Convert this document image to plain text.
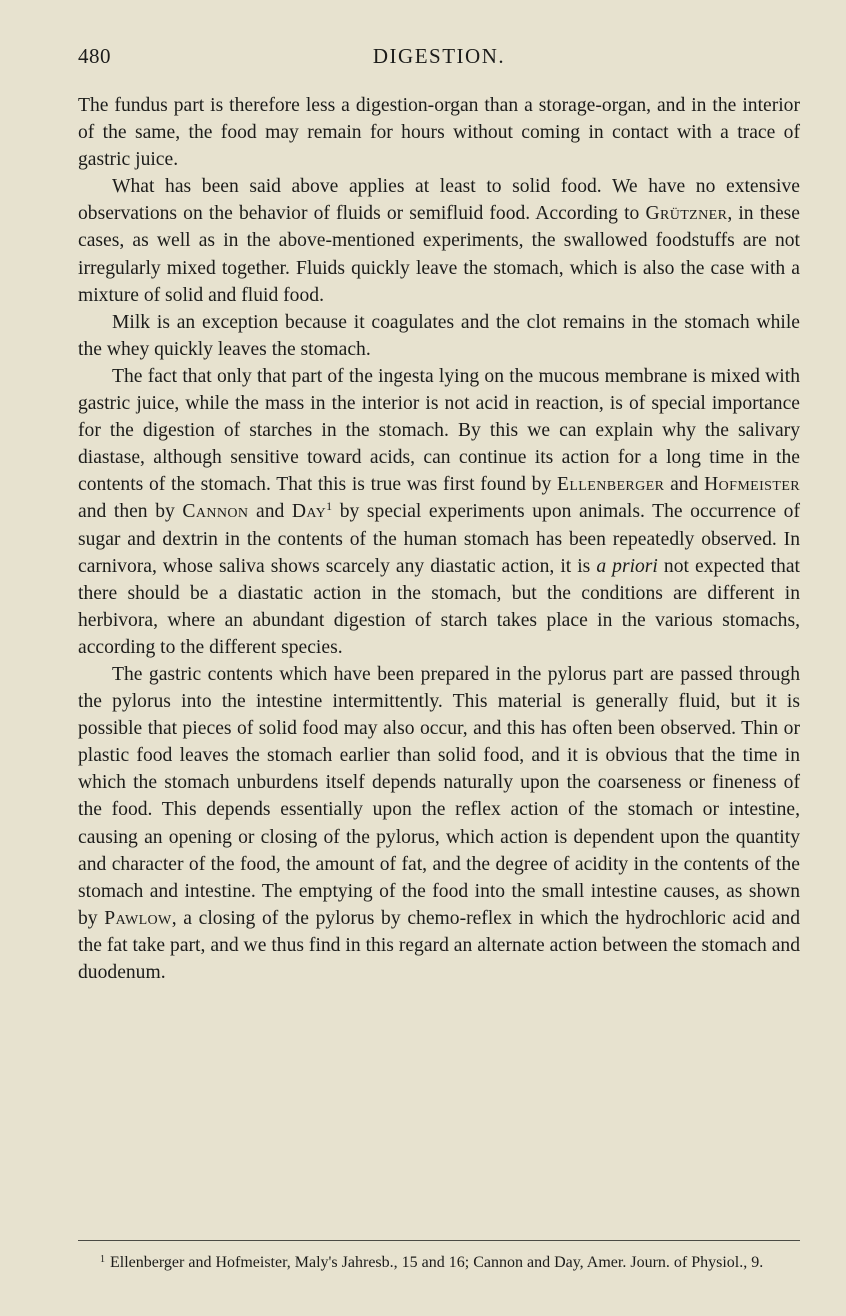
480	DIGESTION.

The fundus part is therefore less a digestion-organ than a storage-organ, and in the interior of the same, the food may remain for hours without coming in contact with a trace of gastric juice.

What has been said above applies at least to solid food. We have no extensive observations on the behavior of fluids or semifluid food. According to Grützner, in these cases, as well as in the above-mentioned experiments, the swallowed foodstuffs are not irregularly mixed together. Fluids quickly leave the stomach, which is also the case with a mixture of solid and fluid food.

Milk is an exception because it coagulates and the clot remains in the stomach while the whey quickly leaves the stomach.

The fact that only that part of the ingesta lying on the mucous membrane is mixed with gastric juice, while the mass in the interior is not acid in reaction, is of special importance for the digestion of starches in the stomach. By this we can explain why the salivary diastase, although sensitive toward acids, can continue its action for a long time in the contents of the stomach. That this is true was first found by Ellenberger and Hofmeister and then by Cannon and Day$^1$ by special experiments upon animals. The occurrence of sugar and dextrin in the contents of the human stomach has been repeatedly observed. In carnivora, whose saliva shows scarcely any diastatic action, it is a priori not expected that there should be a diastatic action in the stomach, but the conditions are different in herbivora, where an abundant digestion of starch takes place in the various stomachs, according to the different species.

The gastric contents which have been prepared in the pylorus part are passed through the pylorus into the intestine intermittently. This material is generally fluid, but it is possible that pieces of solid food may also occur, and this has often been observed. Thin or plastic food leaves the stomach earlier than solid food, and it is obvious that the time in which the stomach unburdens itself depends naturally upon the coarseness or fineness of the food. This depends essentially upon the reflex action of the stomach or intestine, causing an opening or closing of the pylorus, which action is dependent upon the quantity and character of the food, the amount of fat, and the degree of acidity in the contents of the stomach and intestine. The emptying of the food into the small intestine causes, as shown by Pawlow, a closing of the pylorus by chemo-reflex in which the hydrochloric acid and the fat take part, and we thus find in this regard an alternate action between the stomach and duodenum.

$^1$ Ellenberger and Hofmeister, Maly's Jahresb., 15 and 16; Cannon and Day, Amer. Journ. of Physiol., 9.
